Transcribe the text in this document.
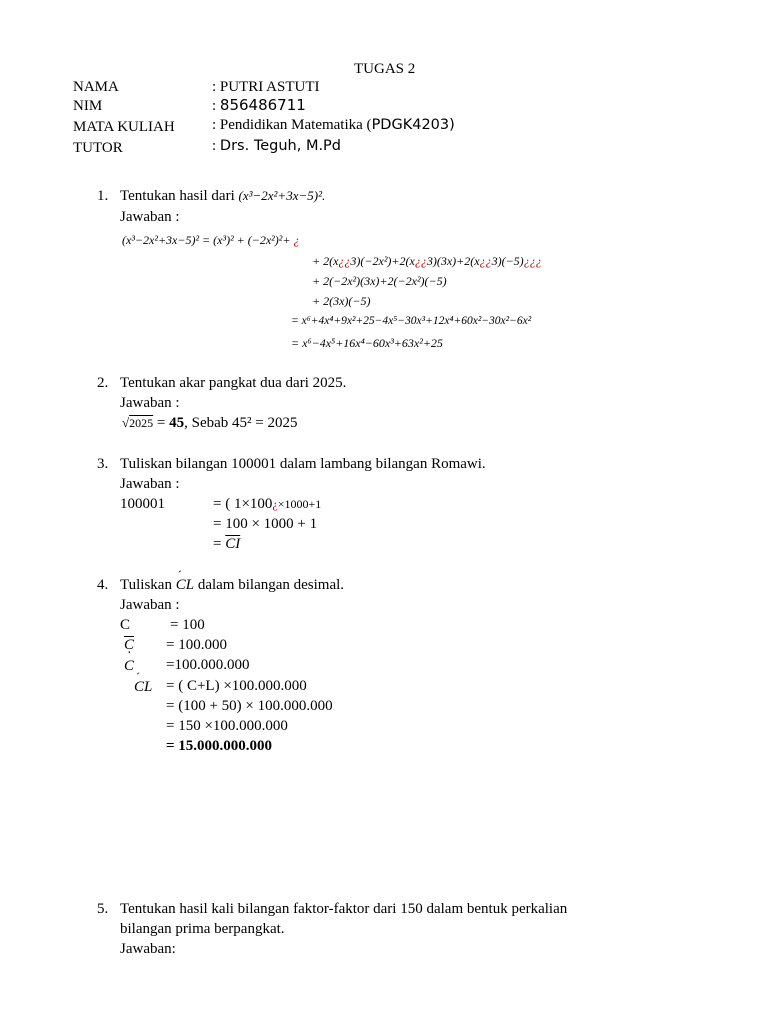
TUGAS 2
NAMA	: PUTRI ASTUTI
NIM	: 856486711
MATA KULIAH : Pendidikan Matematika (PDGK4203)
TUTOR	: Drs. Teguh, M.Pd
1. Tentukan hasil dari (x³−2x²+3x−5)².
Jawaban :
(x³−2x²+3x−5)² = (x³)² + (−2x²)²+ ¿
+ 2(x¿¿3)(−2x²)+2(x¿¿3)(3x)+2(x¿¿3)(−5)¿¿¿
+ 2(−2x²)(3x)+2(−2x²)(−5)
+ 2(3x)(−5)
= x⁶+4x⁴+9x²+25−4x⁵−30x³+12x⁴+60x²−30x²−6x²
= x⁶−4x⁵+16x⁴−60x³+63x²+25
2. Tentukan akar pangkat dua dari 2025.
Jawaban :
√2025 = 45, Sebab 45² = 2025
3. Tuliskan bilangan 100001 dalam lambang bilangan Romawi.
Jawaban :
100001	= ( 1×100¿×1000+1
= 100 × 1000 + 1
= $\overline{CI}$
4. Tuliskan ´ CL dalam bilangan desimal.
Jawaban :
C	= 100
$\overline{C} = 100.000$
· C =100.000.000
´ CL = ( C+L) ×100.000.000
= (100 + 50) × 100.000.000
= 150 ×100.000.000
= 15.000.000.000
5. Tentukan hasil kali bilangan faktor-faktor dari 150 dalam bentuk perkalian
bilangan prima berpangkat.
Jawaban:
